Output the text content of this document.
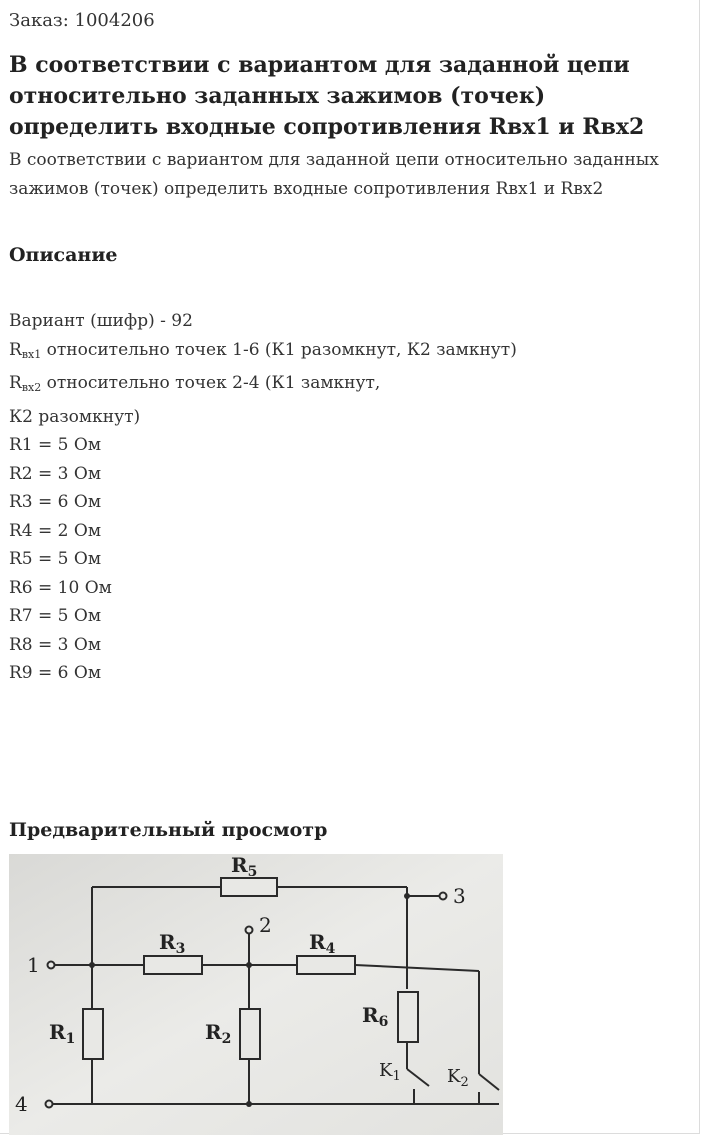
Заказ: 1004206
В соответствии с вариантом для заданной цепи относительно заданных зажимов (точек) определить входные сопротивления Rвх1 и Rвх2
В соответствии с вариантом для заданной цепи относительно заданных зажимов (точек) определить входные сопротивления Rвх1 и Rвх2
Описание
Вариант (шифр) - 92
$R_{вх1}$ относительно точек 1-6 (К1 разомкнут, К2 замкнут)
$R_{вх2}$ относительно точек 2-4 (К1 замкнут,
К2 разомкнут)
R1 = 5 Ом
R2 = 3 Ом
R3 = 6 Ом
R4 = 2 Ом
R5 = 5 Ом
R6 = 10 Ом
R7 = 5 Ом
R8 = 3 Ом
R9 = 6 Ом
Предварительный просмотр
$R_5$
$R_3$	$R_4$
$R_6$
$R_1$	$R_2$
$K_1$	$K_2$
1
2
3
4
